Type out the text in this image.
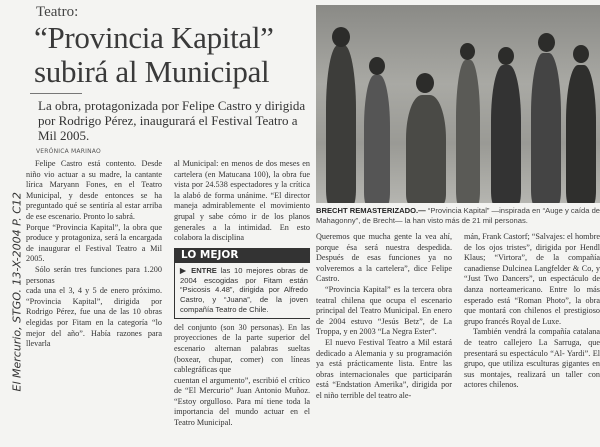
El Mercurio, STGO. 13-X-2004 P. C12
Teatro:
“Provincia Kapital” subirá al Municipal
La obra, protagonizada por Felipe Castro y dirigida por Rodrigo Pérez, inaugurará el Festival Teatro a Mil 2005.
VERÓNICA MARINAO

Felipe Castro está contento. Desde niño vio actuar a su madre, la cantante lírica Maryann Fones, en el Teatro Municipal, y desde entonces se ha preguntado qué se sentiría al estar arriba de ese escenario. Pronto lo sabrá.

Porque “Provincia Kapital”, la obra que produce y protagoniza, será la encargada de inaugurar el Festival Teatro a Mil 2005.

Sólo serán tres funciones para 1.200 personas

cada una el 3, 4 y 5 de enero próximo. “Provincia Kapital”, dirigida por Rodrigo Pérez, fue una de las 10 obras elegidas por Fitam en la categoría “lo mejor del año”. Había razones para llevarla

al Municipal: en menos de dos meses en cartelera (en Matucana 100), la obra fue vista por 24.538 espectadores y la crítica la alabó de forma unánime. “El director maneja admirablemente el movimiento grupal y sabe cómo ir de los planos generales a la intimidad. En esto colabora la disciplina

LO MEJOR
▶ ENTRE las 10 mejores obras de 2004 escogidas por Fitam están “Psicosis 4.48”, dirigida por Alfredo Castro, y “Juana”, de la joven compañía Teatro de Chile.

del conjunto (son 30 personas). En las proyecciones de la parte superior del escenario alternan palabras sueltas (boxear, chupar, comer) con líneas cablegráficas que

cuentan el argumento”, escribió el crítico de “El Mercurio” Juan Antonio Muñoz. “Estoy orgulloso. Para mí tiene toda la importancia del mundo actuar en el Teatro Municipal.

BRECHT REMASTERIZADO.— “Provincia Kapital” —inspirada en “Auge y caída de Mahagonny”, de Brecht— la han visto más de 21 mil personas.

Queremos que mucha gente la vea ahí, porque ésa será nuestra despedida. Después de esas funciones ya no volveremos a la cartelera”, dice Felipe Castro.

“Provincia Kapital” es la tercera obra teatral chilena que ocupa el escenario principal del Teatro Municipal. En enero de 2004 estuvo “Jesús Betz”, de La Troppa, y en 2003 “La Negra Ester”.

El nuevo Festival Teatro a Mil estará dedicado a Alemania y su programación ya está prácticamente lista. Entre las obras internacionales que participarán está “Endstation Amerika”, dirigida por el niño terrible del teatro ale-

mán, Frank Castorf; “Salvajes: el hombre de los ojos tristes”, dirigida por Hendl Klaus; “Virtora”, de la compañía canadiense Dulcinea Langfelder & Co, y “Just Two Dancers”, un espectáculo de danza norteamericano. Entre lo más esperado está “Roman Photo”, la obra que montará con chilenos el prestigioso grupo francés Royal de Luxe.

También vendrá la compañía catalana de teatro callejero La Sarruga, que presentará su espectáculo “Al- Yardi”. El grupo, que utiliza esculturas gigantes en sus montajes, realizará un taller con actores chilenos.
